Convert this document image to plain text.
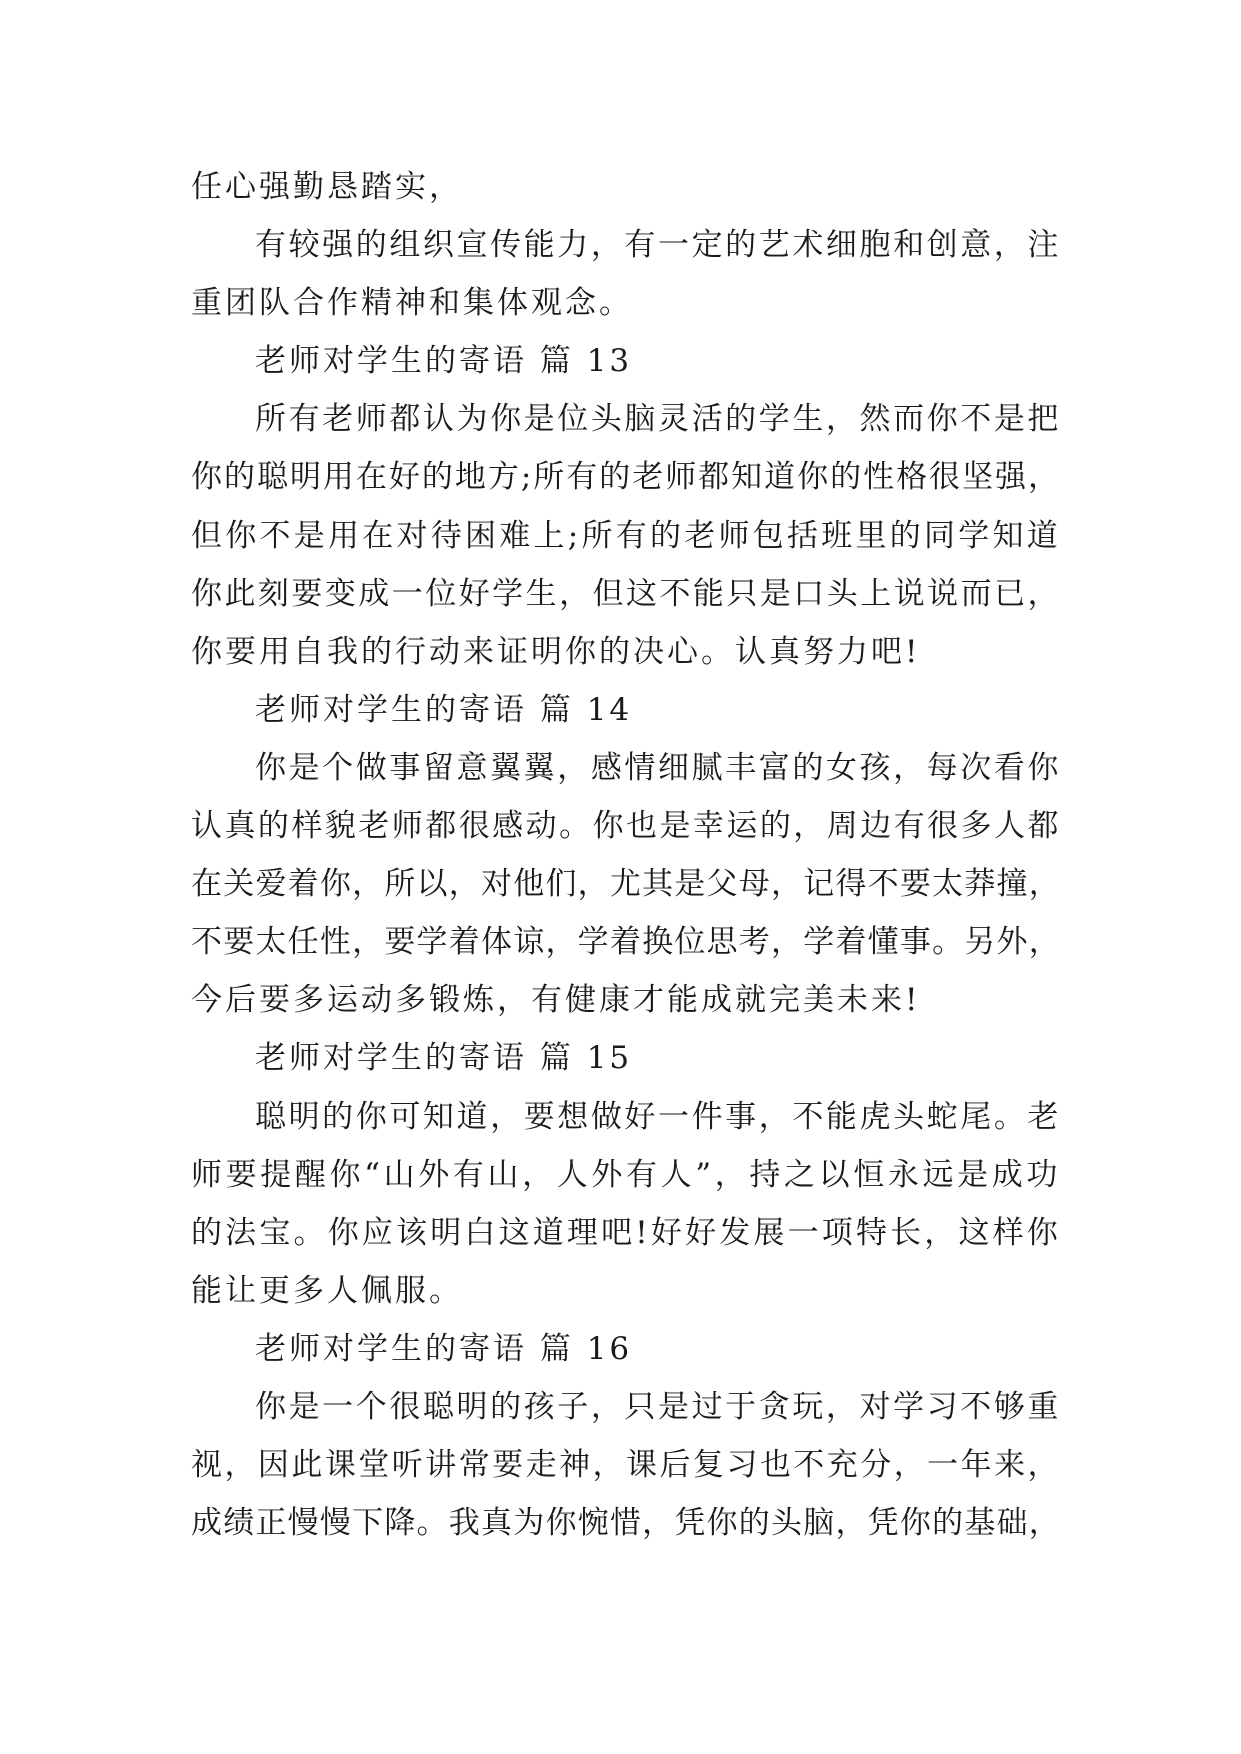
任心强勤恳踏实，
有较强的组织宣传能力，有一定的艺术细胞和创意，注
重团队合作精神和集体观念。
老师对学生的寄语 篇 13
所有老师都认为你是位头脑灵活的学生，然而你不是把
你的聪明用在好的地方;所有的老师都知道你的性格很坚强，
但你不是用在对待困难上;所有的老师包括班里的同学知道
你此刻要变成一位好学生，但这不能只是口头上说说而已，
你要用自我的行动来证明你的决心。认真努力吧!
老师对学生的寄语 篇 14
你是个做事留意翼翼，感情细腻丰富的女孩，每次看你
认真的样貌老师都很感动。你也是幸运的，周边有很多人都
在关爱着你，所以，对他们，尤其是父母，记得不要太莽撞，
不要太任性，要学着体谅，学着换位思考，学着懂事。另外，
今后要多运动多锻炼，有健康才能成就完美未来!
老师对学生的寄语 篇 15
聪明的你可知道，要想做好一件事，不能虎头蛇尾。老
师要提醒你“山外有山，人外有人”，持之以恒永远是成功
的法宝。你应该明白这道理吧!好好发展一项特长，这样你
能让更多人佩服。
老师对学生的寄语 篇 16
你是一个很聪明的孩子，只是过于贪玩，对学习不够重
视，因此课堂听讲常要走神，课后复习也不充分，一年来，
成绩正慢慢下降。我真为你惋惜，凭你的头脑，凭你的基础，
